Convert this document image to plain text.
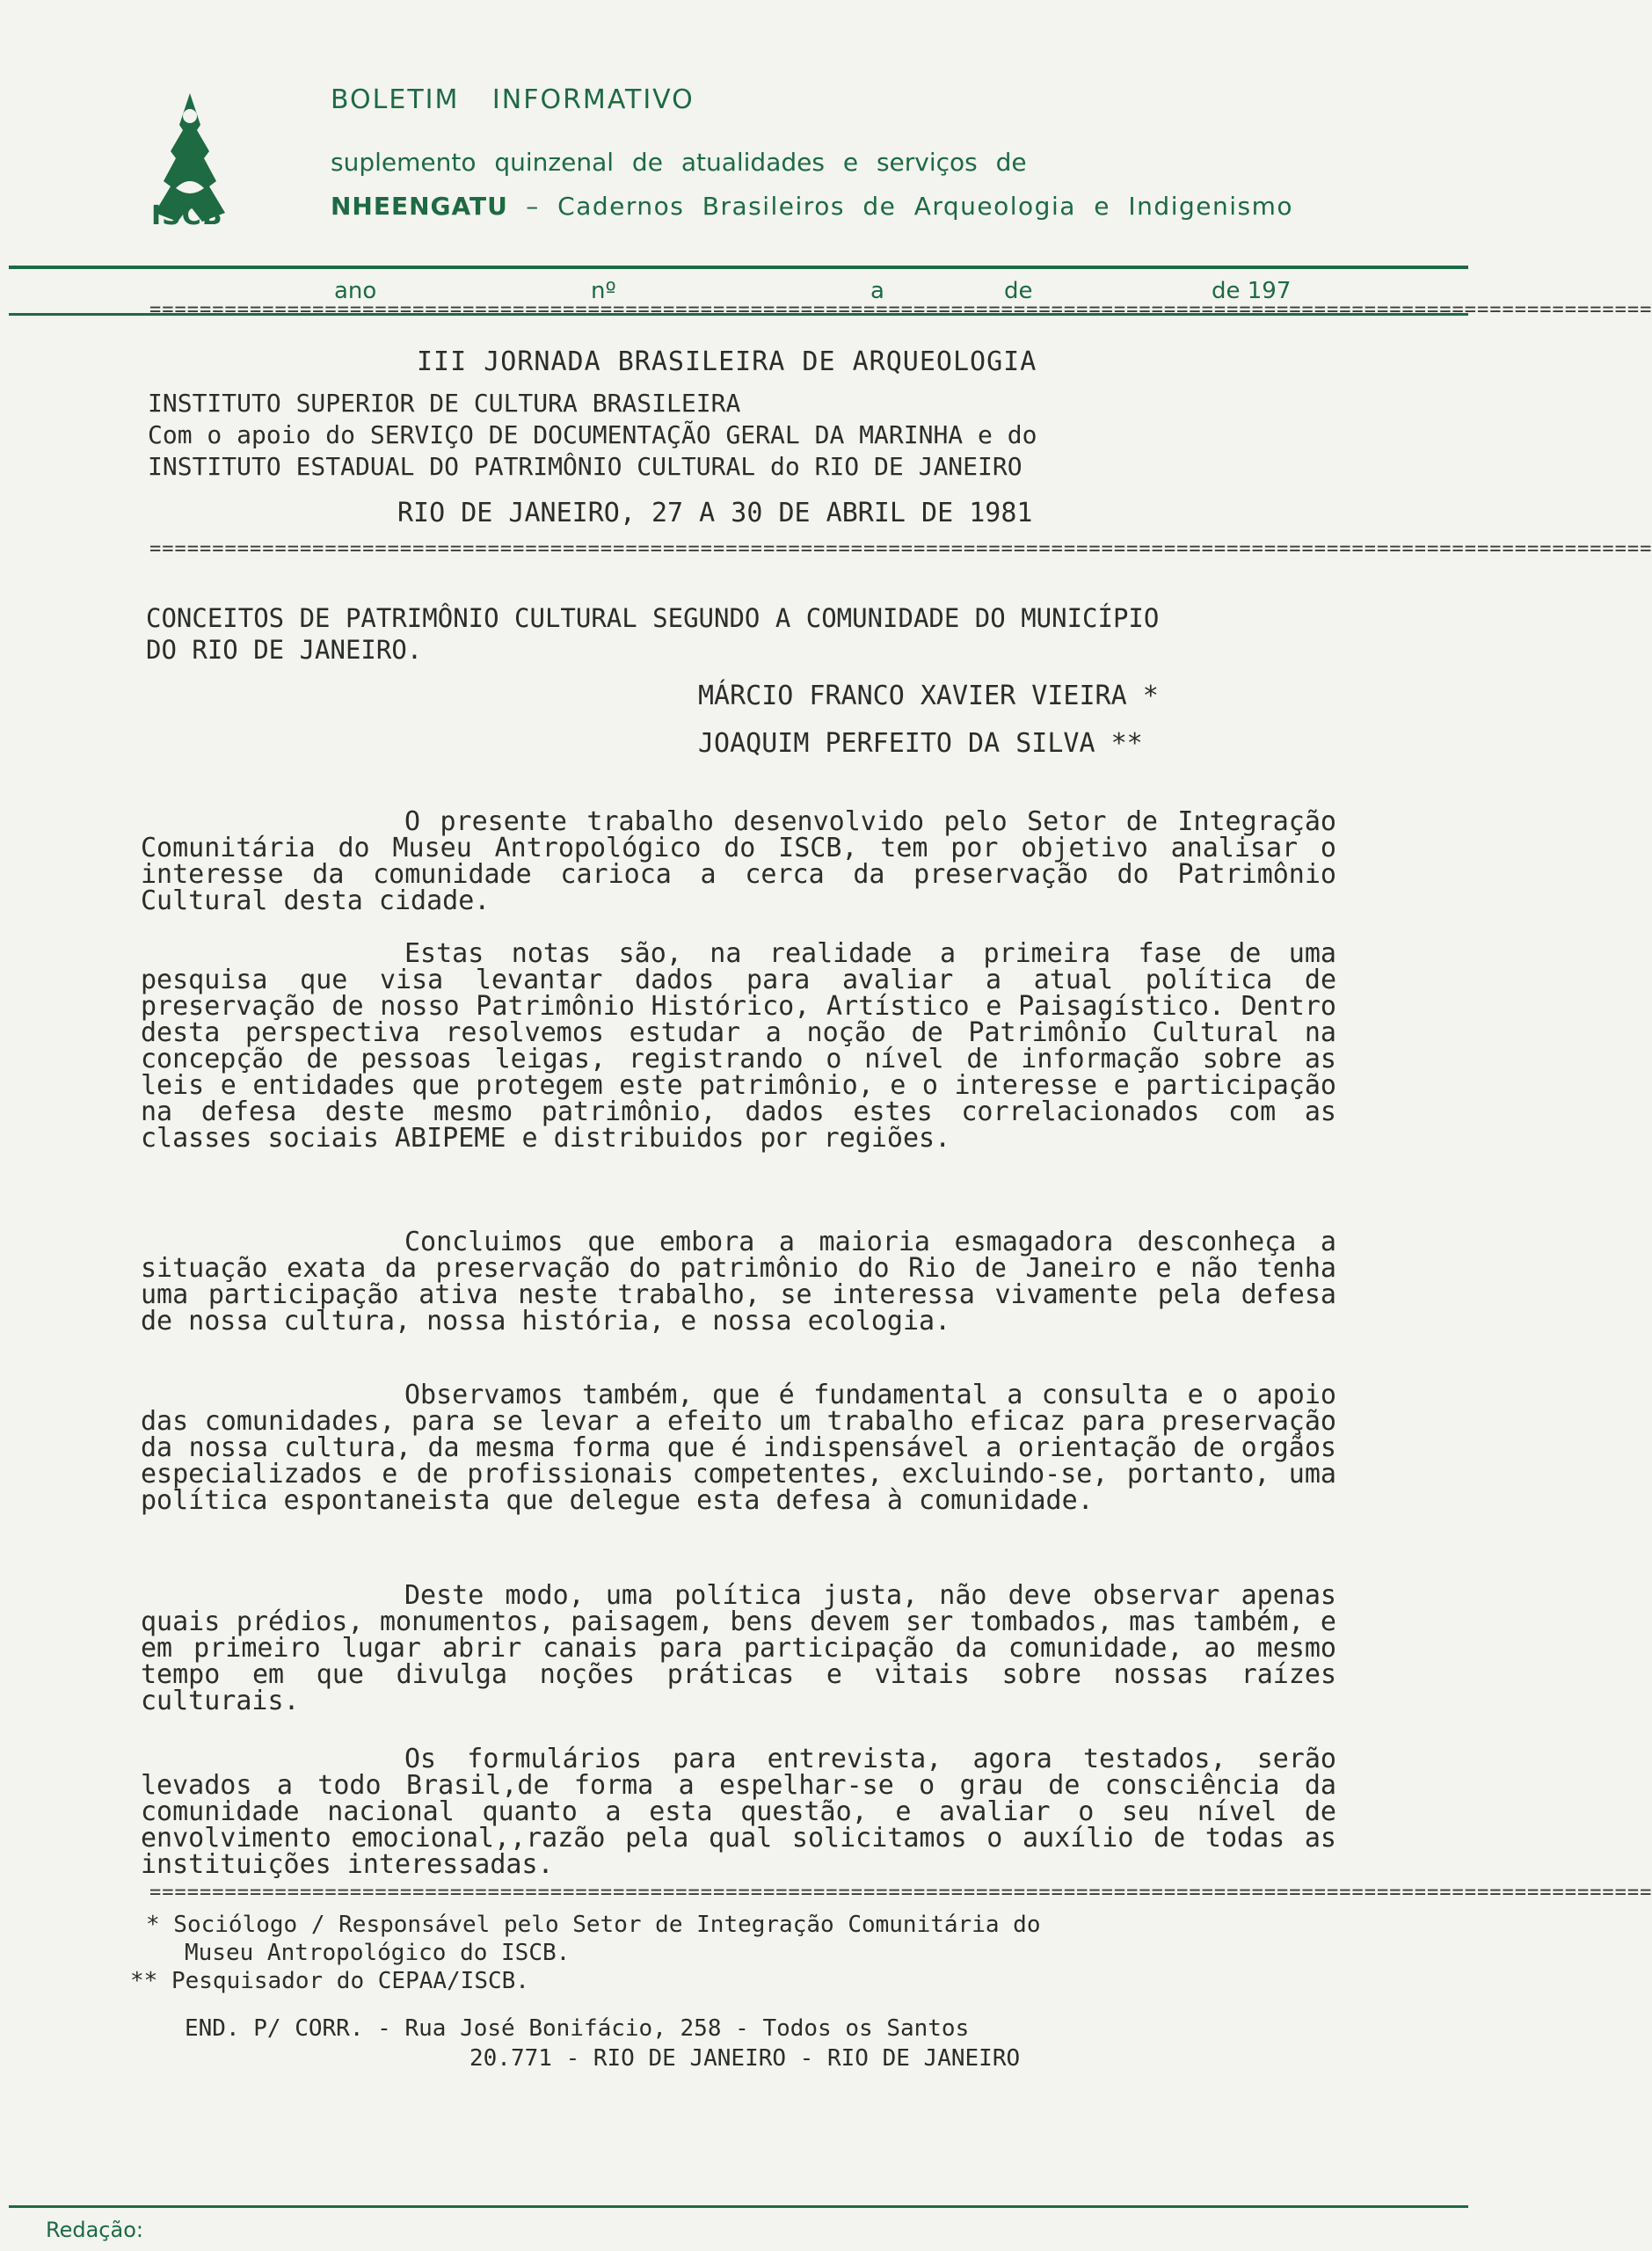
ISCB
BOLETIM INFORMATIVO
suplemento quinzenal de atualidades e serviços de
NHEENGATU – Cadernos Brasileiros de Arqueologia e Indigenismo
ano	nº	a	de	de 197
========================================================================================================================
III JORNADA BRASILEIRA DE ARQUEOLOGIA
INSTITUTO SUPERIOR DE CULTURA BRASILEIRA
Com o apoio do SERVIÇO DE DOCUMENTAÇÃO GERAL DA MARINHA e do
INSTITUTO ESTADUAL DO PATRIMÔNIO CULTURAL do RIO DE JANEIRO
RIO DE JANEIRO, 27 A 30 DE ABRIL DE 1981
========================================================================================================================
CONCEITOS DE PATRIMÔNIO CULTURAL SEGUNDO A COMUNIDADE DO MUNICÍPIO
DO RIO DE JANEIRO.
MÁRCIO FRANCO XAVIER VIEIRA *
JOAQUIM PERFEITO DA SILVA **
O presente trabalho desenvolvido pelo Setor de Integração Comunitária do Museu Antropológico do ISCB, tem por objetivo analisar o interesse da comunidade carioca a cerca da preservação do Patrimônio Cultural desta cidade.
Estas notas são, na realidade a primeira fase de uma pesquisa que visa levantar dados para avaliar a atual política de preservação de nosso Patrimônio Histórico, Artístico e Paisagístico. Dentro desta perspectiva resolvemos estudar a noção de Patrimônio Cultural na concepção de pessoas leigas, registrando o nível de informação sobre as leis e entidades que protegem este patrimônio, e o interesse e participação na defesa deste mesmo patrimônio, dados estes correlacionados com as classes sociais ABIPEME e distribuidos por regiões.
Concluimos que embora a maioria esmagadora desconheça a situação exata da preservação do patrimônio do Rio de Janeiro e não tenha uma participação ativa neste trabalho, se interessa vivamente pela defesa de nossa cultura, nossa história, e nossa ecologia.
Observamos também, que é fundamental a consulta e o apoio das comunidades, para se levar a efeito um trabalho eficaz para preservação da nossa cultura, da mesma forma que é indispensável a orientação de orgãos especializados e de profissionais competentes, excluindo-se, portanto, uma política espontaneista que delegue esta defesa à comunidade.
Deste modo, uma política justa, não deve observar apenas quais prédios, monumentos, paisagem, bens devem ser tombados, mas também, e em primeiro lugar abrir canais para participação da comunidade, ao mesmo tempo em que divulga noções práticas e vitais sobre nossas raízes culturais.
Os formulários para entrevista, agora testados, serão levados a todo Brasil,de forma a espelhar-se o grau de consciência da comunidade nacional quanto a esta questão, e avaliar o seu nível de envolvimento emocional,,razão pela qual solicitamos o auxílio de todas as instituições interessadas.
========================================================================================================================
* Sociólogo / Responsável pelo Setor de Integração Comunitária do
Museu Antropológico do ISCB.
** Pesquisador do CEPAA/ISCB.
END. P/ CORR. - Rua José Bonifácio, 258 - Todos os Santos
20.771 - RIO DE JANEIRO - RIO DE JANEIRO
Redação:
